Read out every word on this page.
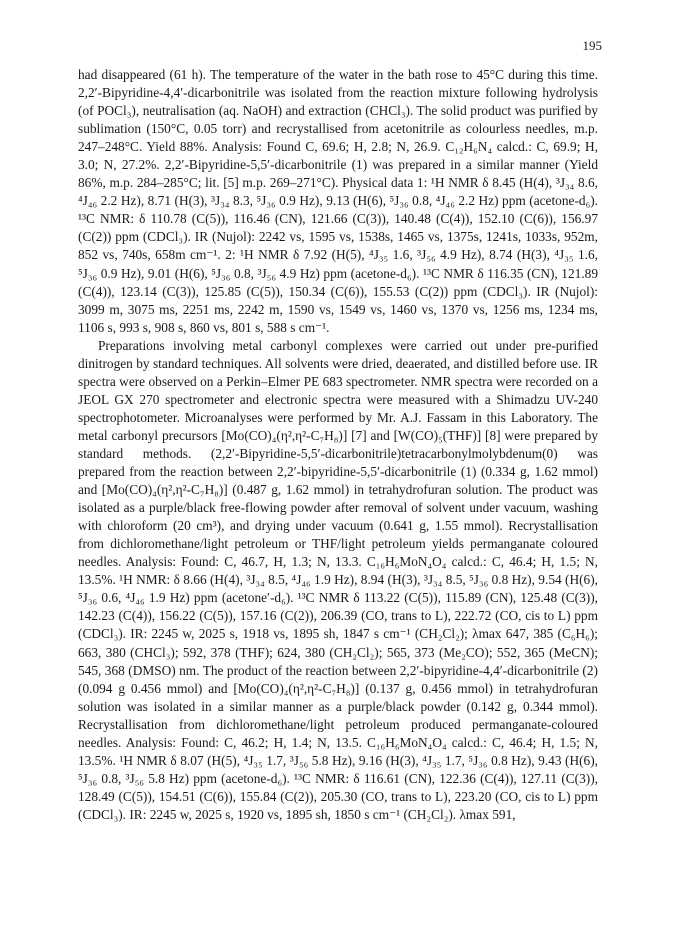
195

had disappeared (61 h). The temperature of the water in the bath rose to 45°C during this time. 2,2′-Bipyridine-4,4′-dicarbonitrile was isolated from the reaction mixture following hydrolysis (of POCl₃), neutralisation (aq. NaOH) and extraction (CHCl₃). The solid product was purified by sublimation (150°C, 0.05 torr) and recrystallised from acetonitrile as colourless needles, m.p. 247–248°C. Yield 88%. Analysis: Found C, 69.6; H, 2.8; N, 26.9. C₁₂H₆N₄ calcd.: C, 69.9; H, 3.0; N, 27.2%. 2,2′-Bipyridine-5,5′-dicarbonitrile (1) was prepared in a similar manner (Yield 86%, m.p. 284–285°C; lit. [5] m.p. 269–271°C). Physical data 1: ¹H NMR δ 8.45 (H(4), ³J₃₄ 8.6, ⁴J₄₆ 2.2 Hz), 8.71 (H(3), ³J₃₄ 8.3, ⁵J₃₆ 0.9 Hz), 9.13 (H(6), ⁵J₃₆ 0.8, ⁴J₄₆ 2.2 Hz) ppm (acetone-d₆). ¹³C NMR: δ 110.78 (C(5)), 116.46 (CN), 121.66 (C(3)), 140.48 (C(4)), 152.10 (C(6)), 156.97 (C(2)) ppm (CDCl₃). IR (Nujol): 2242 vs, 1595 vs, 1538s, 1465 vs, 1375s, 1241s, 1033s, 952m, 852 vs, 740s, 658m cm⁻¹. 2: ¹H NMR δ 7.92 (H(5), ⁴J₃₅ 1.6, ³J₅₆ 4.9 Hz), 8.74 (H(3), ⁴J₃₅ 1.6, ⁵J₃₆ 0.9 Hz), 9.01 (H(6), ⁵J₃₆ 0.8, ³J₅₆ 4.9 Hz) ppm (acetone-d₆). ¹³C NMR δ 116.35 (CN), 121.89 (C(4)), 123.14 (C(3)), 125.85 (C(5)), 150.34 (C(6)), 155.53 (C(2)) ppm (CDCl₃). IR (Nujol): 3099 m, 3075 ms, 2251 ms, 2242 m, 1590 vs, 1549 vs, 1460 vs, 1370 vs, 1256 ms, 1234 ms, 1106 s, 993 s, 908 s, 860 vs, 801 s, 588 s cm⁻¹.

Preparations involving metal carbonyl complexes were carried out under pre-purified dinitrogen by standard techniques. All solvents were dried, deaerated, and distilled before use. IR spectra were observed on a Perkin–Elmer PE 683 spectrometer. NMR spectra were recorded on a JEOL GX 270 spectrometer and electronic spectra were measured with a Shimadzu UV-240 spectrophotometer. Microanalyses were performed by Mr. A.J. Fassam in this Laboratory. The metal carbonyl precursors [Mo(CO)₄(η²,η²-C₇H₈)] [7] and [W(CO)₅(THF)] [8] were prepared by standard methods. (2,2′-Bipyridine-5,5′-dicarbonitrile)tetracarbonylmolybdenum(0) was prepared from the reaction between 2,2′-bipyridine-5,5′-dicarbonitrile (1) (0.334 g, 1.62 mmol) and [Mo(CO)₄(η²,η²-C₇H₈)] (0.487 g, 1.62 mmol) in tetrahydrofuran solution. The product was isolated as a purple/black free-flowing powder after removal of solvent under vacuum, washing with chloroform (20 cm³), and drying under vacuum (0.641 g, 1.55 mmol). Recrystallisation from dichloromethane/light petroleum or THF/light petroleum yields permanganate coloured needles. Analysis: Found: C, 46.7, H, 1.3; N, 13.3. C₁₆H₆MoN₄O₄ calcd.: C, 46.4; H, 1.5; N, 13.5%. ¹H NMR: δ 8.66 (H(4), ³J₃₄ 8.5, ⁴J₄₆ 1.9 Hz), 8.94 (H(3), ³J₃₄ 8.5, ⁵J₃₆ 0.8 Hz), 9.54 (H(6), ⁵J₃₆ 0.6, ⁴J₄₆ 1.9 Hz) ppm (acetone′-d₆). ¹³C NMR δ 113.22 (C(5)), 115.89 (CN), 125.48 (C(3)), 142.23 (C(4)), 156.22 (C(5)), 157.16 (C(2)), 206.39 (CO, trans to L), 222.72 (CO, cis to L) ppm (CDCl₃). IR: 2245 w, 2025 s, 1918 vs, 1895 sh, 1847 s cm⁻¹ (CH₂Cl₂); λmax 647, 385 (C₆H₆); 663, 380 (CHCl₃); 592, 378 (THF); 624, 380 (CH₂Cl₂); 565, 373 (Me₂CO); 552, 365 (MeCN); 545, 368 (DMSO) nm. The product of the reaction between 2,2′-bipyridine-4,4′-dicarbonitrile (2) (0.094 g 0.456 mmol) and [Mo(CO)₄(η²,η²-C₇H₈)] (0.137 g, 0.456 mmol) in tetrahydrofuran solution was isolated in a similar manner as a purple/black powder (0.142 g, 0.344 mmol). Recrystallisation from dichloromethane/light petroleum produced permanganate-coloured needles. Analysis: Found: C, 46.2; H, 1.4; N, 13.5. C₁₆H₆MoN₄O₄ calcd.: C, 46.4; H, 1.5; N, 13.5%. ¹H NMR δ 8.07 (H(5), ⁴J₃₅ 1.7, ³J₅₆ 5.8 Hz), 9.16 (H(3), ⁴J₃₅ 1.7, ⁵J₃₆ 0.8 Hz), 9.43 (H(6), ⁵J₃₆ 0.8, ³J₅₆ 5.8 Hz) ppm (acetone-d₆). ¹³C NMR: δ 116.61 (CN), 122.36 (C(4)), 127.11 (C(3)), 128.49 (C(5)), 154.51 (C(6)), 155.84 (C(2)), 205.30 (CO, trans to L), 223.20 (CO, cis to L) ppm (CDCl₃). IR: 2245 w, 2025 s, 1920 vs, 1895 sh, 1850 s cm⁻¹ (CH₂Cl₂). λmax 591,
